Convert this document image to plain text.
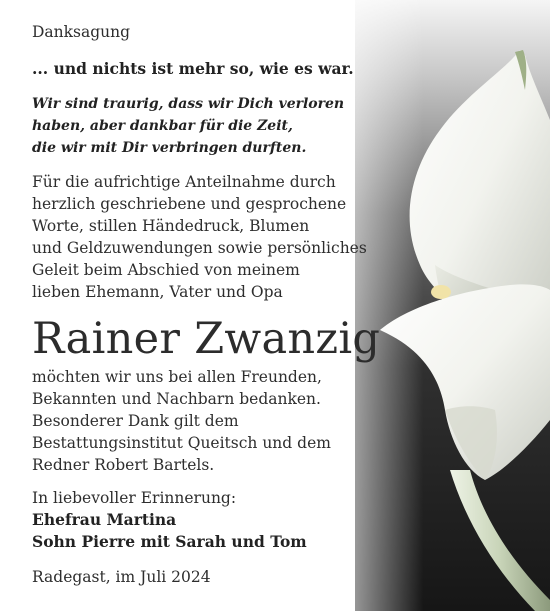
Danksagung
... und nichts ist mehr so, wie es war.
Wir sind traurig, dass wir Dich verloren
haben, aber dankbar für die Zeit,
die wir mit Dir verbringen durften.
Für die aufrichtige Anteilnahme durch
herzlich geschriebene und gesprochene
Worte, stillen Händedruck, Blumen
und Geldzuwendungen sowie persönliches
Geleit beim Abschied von meinem
lieben Ehemann, Vater und Opa
Rainer Zwanzig
möchten wir uns bei allen Freunden,
Bekannten und Nachbarn bedanken.
Besonderer Dank gilt dem
Bestattungsinstitut Queitsch und dem
Redner Robert Bartels.
In liebevoller Erinnerung:
Ehefrau Martina
Sohn Pierre mit Sarah und Tom
Radegast, im Juli 2024
